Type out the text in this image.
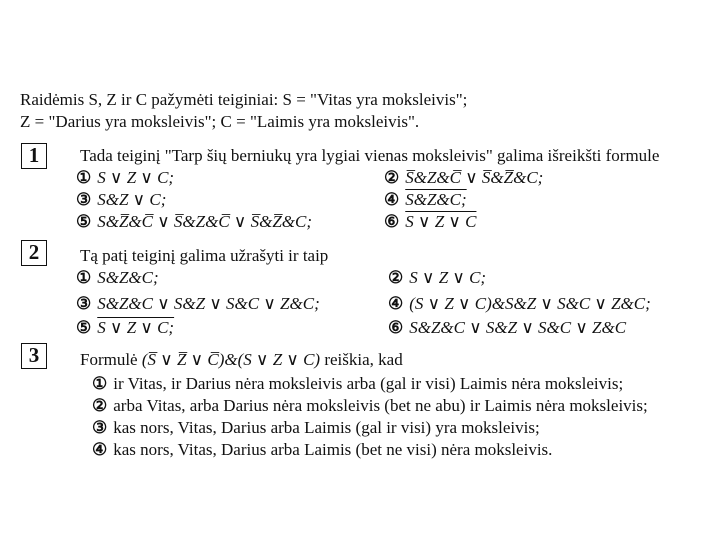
Raidėmis S, Z ir C pažymėti teiginiai: S = "Vitas yra moksleivis";
Z = "Darius yra moksleivis"; C = "Laimis yra moksleivis".
1	Tada teiginį "Tarp šių berniukų yra lygiai vienas moksleivis" galima išreikšti formule
① S ∨ Z ∨ C;	② S̅&Z&C̅ ∨ S̅&Z̅&C;
③ S&Z ∨ C;	④ S&Z&C;
⑤ S&Z̅&C̅ ∨ S̅&Z&C̅ ∨ S̅&Z̅&C;	⑥ S ∨ Z ∨ C
2	Tą patį teiginį galima užrašyti ir taip
① S&Z&C;	② S ∨ Z ∨ C;
③ S&Z&C ∨ S&Z ∨ S&C ∨ Z&C;	④ (S ∨ Z ∨ C)&S&Z ∨ S&C ∨ Z&C;
⑤ S ∨ Z ∨ C;	⑥ S&Z&C ∨ S&Z ∨ S&C ∨ Z&C
3	Formulė (S̅ ∨ Z̅ ∨ C̅)&(S ∨ Z ∨ C) reiškia, kad
① ir Vitas, ir Darius nėra moksleivis arba (gal ir visi) Laimis nėra moksleivis;
② arba Vitas, arba Darius nėra moksleivis (bet ne abu) ir Laimis nėra moksleivis;
③ kas nors, Vitas, Darius arba Laimis (gal ir visi) yra moksleivis;
④ kas nors, Vitas, Darius arba Laimis (bet ne visi) nėra moksleivis.
